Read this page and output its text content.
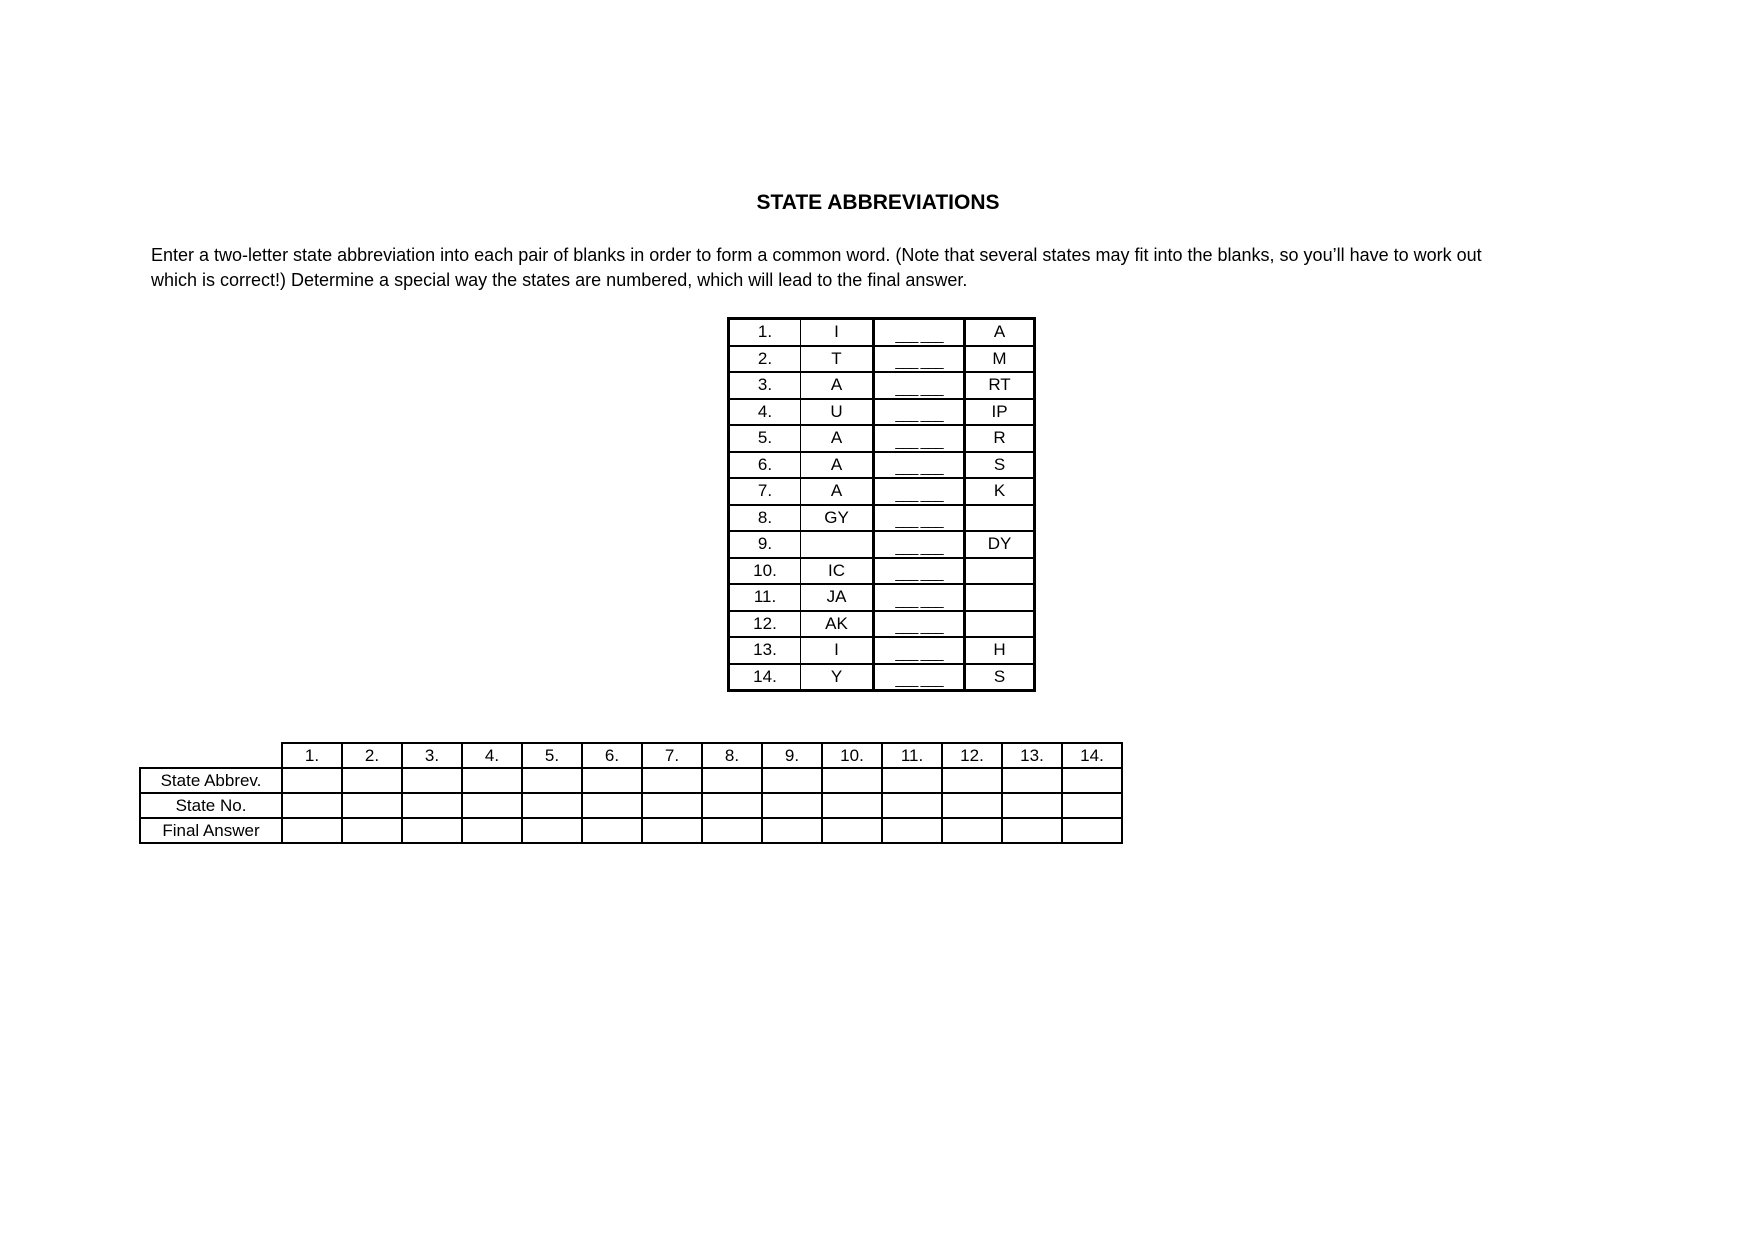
STATE ABBREVIATIONS

Enter a two-letter state abbreviation into each pair of blanks in order to form a common word. (Note that several states may fit into the blanks, so you’ll have to work out

which is correct!) Determine a special way the states are numbered, which will lead to the final answer.

1.	I	___ ___	A
2.	T	___ ___	M
3.	A	___ ___	RT
4.	U	___ ___	IP
5.	A	___ ___	R
6.	A	___ ___	S
7.	A	___ ___	K
8.	GY	___ ___	
9.		___ ___	DY
10.	IC	___ ___	
11.	JA	___ ___	
12.	AK	___ ___	
13.	I	___ ___	H
14.	Y	___ ___	S
	1.	2.	3.	4.	5.	6.	7.	8.	9.	10.	11.	12.	13.	14.
State Abbrev.														
State No.														
Final Answer														
